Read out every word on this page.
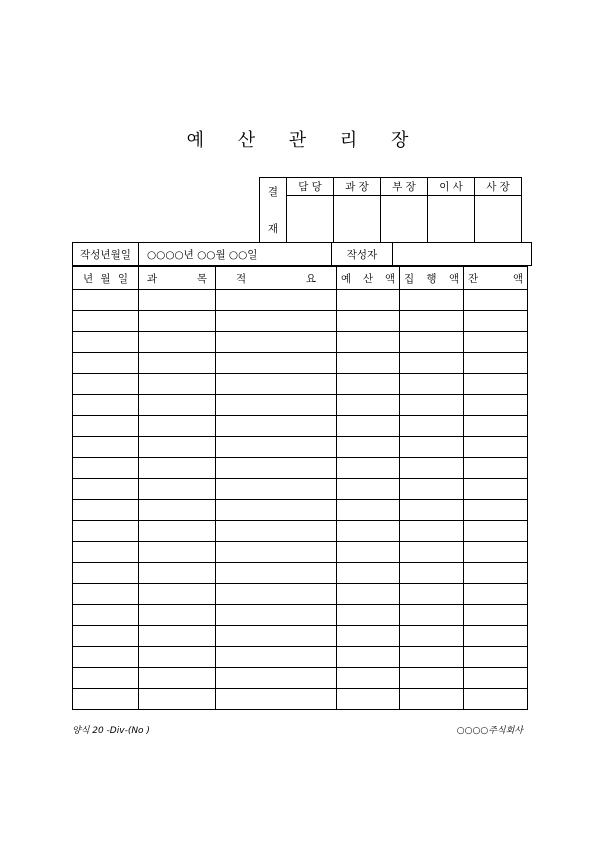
예 산 관 리 장
결
재	담 당	과 장	부 장	이 사	사 장

작성년월일	○○○○년 ○○월 ○○일	작성자	
년 월 일	과 목	적 요	예 산 액	집 행 액	잔 액

양식 20 -Div-(No )	○○○○주식회사
